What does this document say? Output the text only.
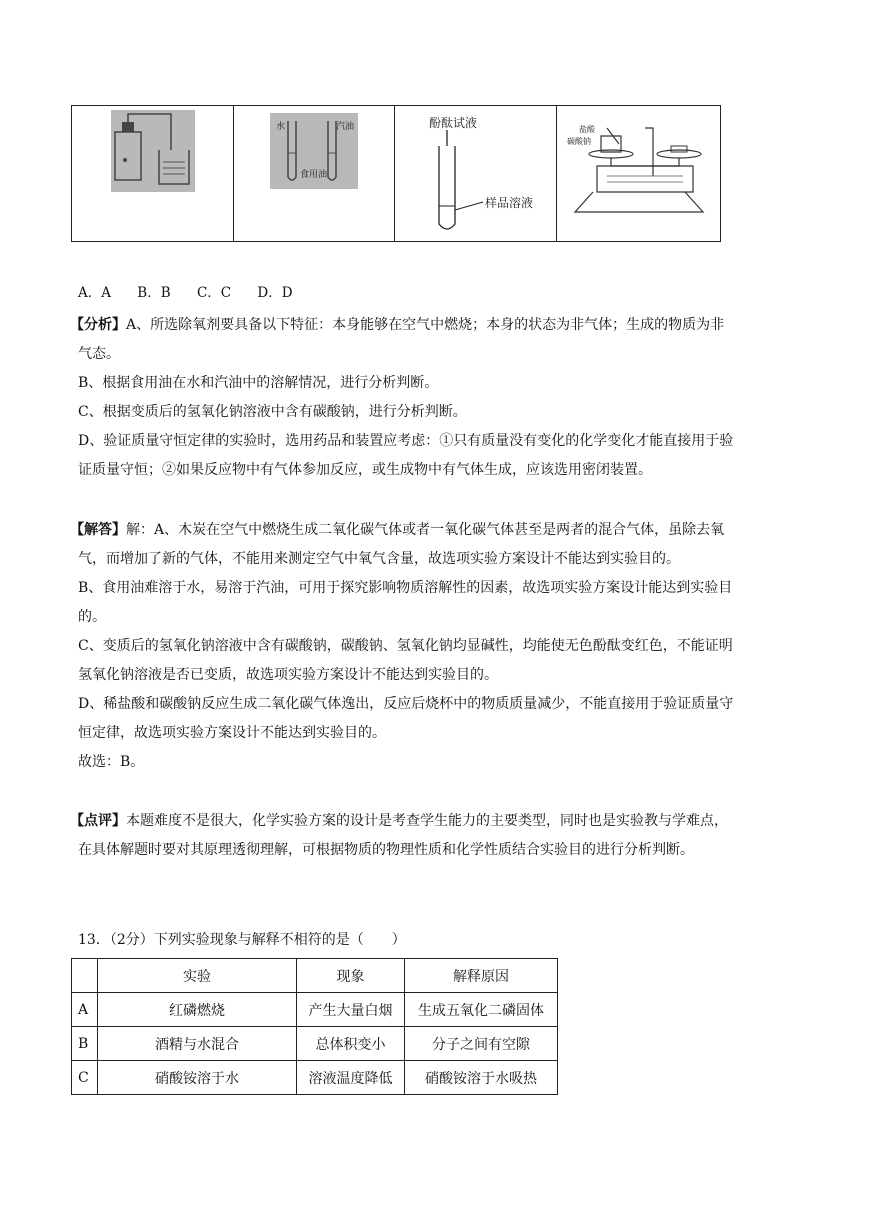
水	汽油
食用油
酚酞试液
样品溶液
盐酸
碳酸钠
A．A B．B C．C D．D
【分析】A、所选除氧剂要具备以下特征：本身能够在空气中燃烧；本身的状态为非气体；生成的物质为非
气态。
B、根据食用油在水和汽油中的溶解情况，进行分析判断。
C、根据变质后的氢氧化钠溶液中含有碳酸钠，进行分析判断。
D、验证质量守恒定律的实验时，选用药品和装置应考虑：①只有质量没有变化的化学变化才能直接用于验
证质量守恒；②如果反应物中有气体参加反应，或生成物中有气体生成，应该选用密闭装置。
【解答】解：A、木炭在空气中燃烧生成二氧化碳气体或者一氧化碳气体甚至是两者的混合气体，虽除去氧
气，而增加了新的气体，不能用来测定空气中氧气含量，故选项实验方案设计不能达到实验目的。
B、食用油难溶于水，易溶于汽油，可用于探究影响物质溶解性的因素，故选项实验方案设计能达到实验目
的。
C、变质后的氢氧化钠溶液中含有碳酸钠，碳酸钠、氢氧化钠均显碱性，均能使无色酚酞变红色，不能证明
氢氧化钠溶液是否已变质，故选项实验方案设计不能达到实验目的。
D、稀盐酸和碳酸钠反应生成二氧化碳气体逸出，反应后烧杯中的物质质量减少，不能直接用于验证质量守
恒定律，故选项实验方案设计不能达到实验目的。
故选：B。
【点评】本题难度不是很大，化学实验方案的设计是考查学生能力的主要类型，同时也是实验教与学难点，
在具体解题时要对其原理透彻理解，可根据物质的物理性质和化学性质结合实验目的进行分析判断。
13．（2分）下列实验现象与解释不相符的是（　　）
	实验	现象	解释原因
A	红磷燃烧	产生大量白烟	生成五氧化二磷固体
B	酒精与水混合	总体积变小	分子之间有空隙
C	硝酸铵溶于水	溶液温度降低	硝酸铵溶于水吸热
